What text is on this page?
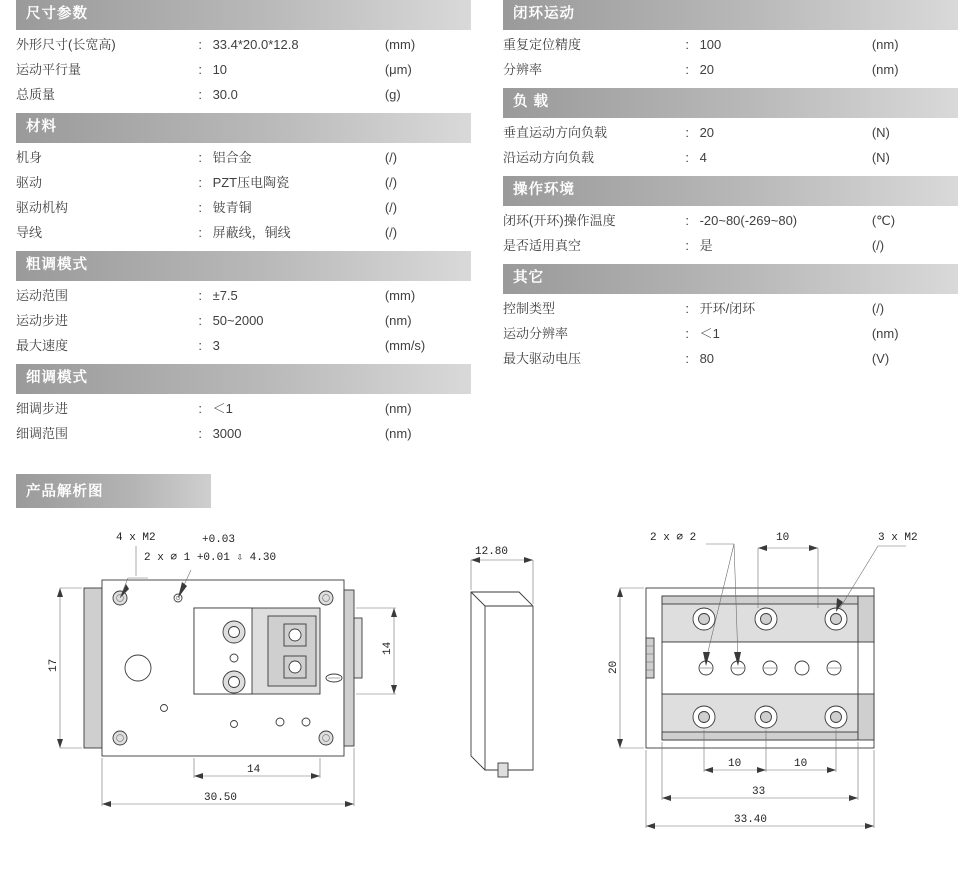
尺寸参数
外形尺寸(长宽高)	:	33.4*20.0*12.8	(mm)
运动平行量	:	10	(μm)
总质量	:	30.0	(g)
材料
机身	:	铝合金	(/)
驱动	:	PZT压电陶瓷	(/)
驱动机构	:	铍青铜	(/)
导线	:	屏蔽线，铜线	(/)
粗调模式
运动范围	:	±7.5	(mm)
运动步进	:	50~2000	(nm)
最大速度	:	3	(mm/s)
细调模式
细调步进	:	＜1	(nm)
细调范围	:	3000	(nm)
闭环运动
重复定位精度	:	100	(nm)
分辨率	:	20	(nm)
负 载
垂直运动方向负载	:	20	(N)
沿运动方向负载	:	4	(N)
操作环境
闭环(开环)操作温度	:	-20~80(-269~80)	(℃)
是否适用真空	:	是	(/)
其它
控制类型	:	开环/闭环	(/)
运动分辨率	:	＜1	(nm)
最大驱动电压	:	80	(V)
产品解析图
4 x M2	+0.03
2 x ⌀ 1 +0.01 ⇩ 4.30
17
14
14
30.50
12.80
2 x ⌀ 2	10	3 x M2
20
10	10
33
33.40
